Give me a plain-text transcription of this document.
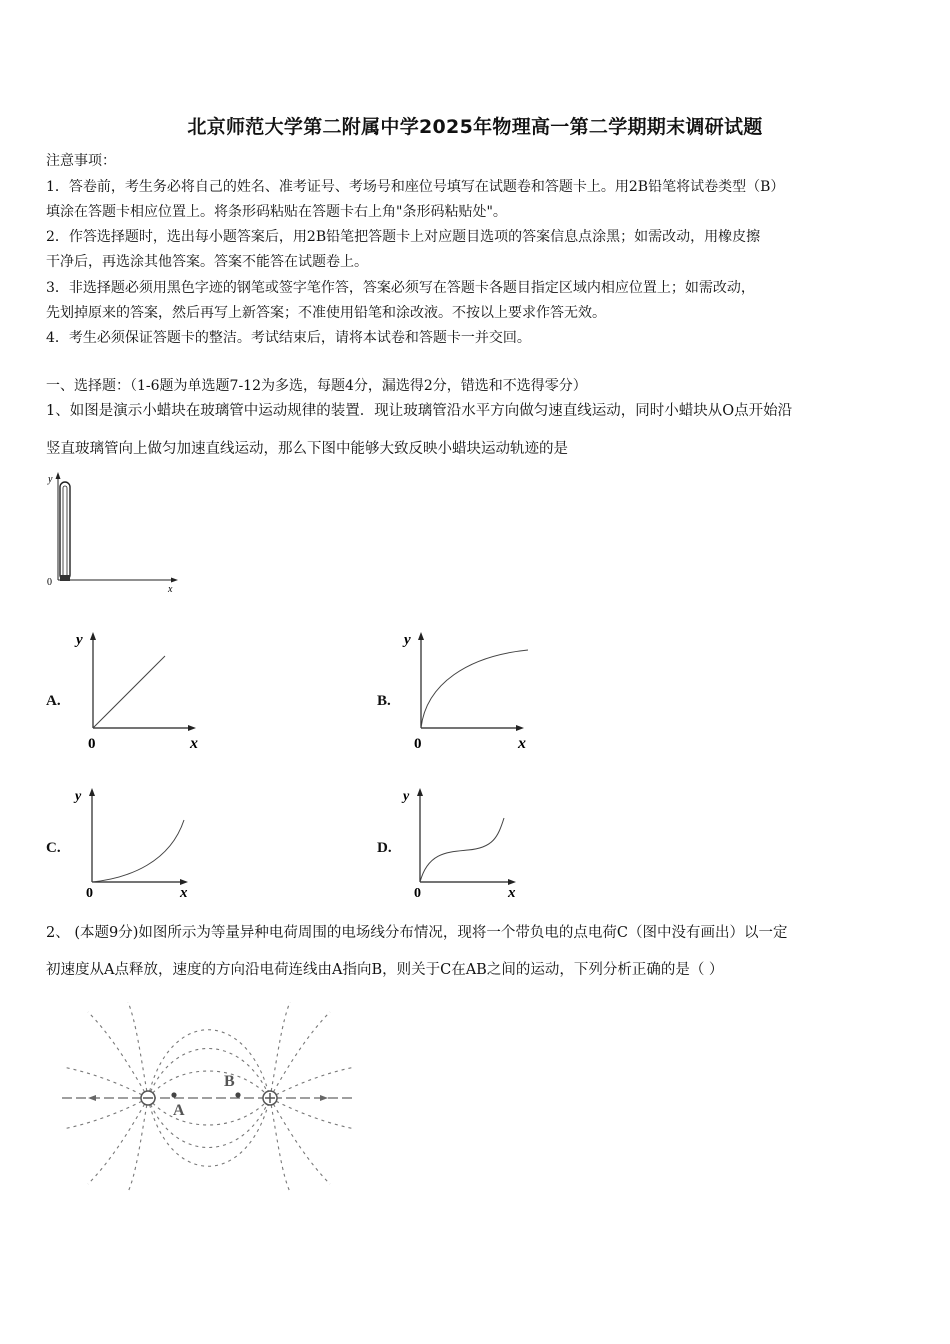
北京师范大学第二附属中学2025年物理高一第二学期期末调研试题
注意事项：
1．答卷前，考生务必将自己的姓名、准考证号、考场号和座位号填写在试题卷和答题卡上。用2B铅笔将试卷类型（B）
填涂在答题卡相应位置上。将条形码粘贴在答题卡右上角"条形码粘贴处"。
2．作答选择题时，选出每小题答案后，用2B铅笔把答题卡上对应题目选项的答案信息点涂黑；如需改动，用橡皮擦
干净后，再选涂其他答案。答案不能答在试题卷上。
3．非选择题必须用黑色字迹的钢笔或签字笔作答，答案必须写在答题卡各题目指定区域内相应位置上；如需改动，
先划掉原来的答案，然后再写上新答案；不准使用铅笔和涂改液。不按以上要求作答无效。
4．考生必须保证答题卡的整洁。考试结束后，请将本试卷和答题卡一并交回。
一、选择题：（1-6题为单选题7-12为多选，每题4分，漏选得2分，错选和不选得零分）
1、如图是演示小蜡块在玻璃管中运动规律的装置．现让玻璃管沿水平方向做匀速直线运动，同时小蜡块从O点开始沿
竖直玻璃管向上做匀加速直线运动，那么下图中能够大致反映小蜡块运动轨迹的是
y
0
x
A.
y
0	x
B.
y
0	x
C.
y
0	x
D.
y
0	x
2、 (本题9分)如图所示为等量异种电荷周围的电场线分布情况，现将一个带负电的点电荷C（图中没有画出）以一定
初速度从A点释放，速度的方向沿电荷连线由A指向B，则关于C在AB之间的运动，下列分析正确的是（ ）
A
B
